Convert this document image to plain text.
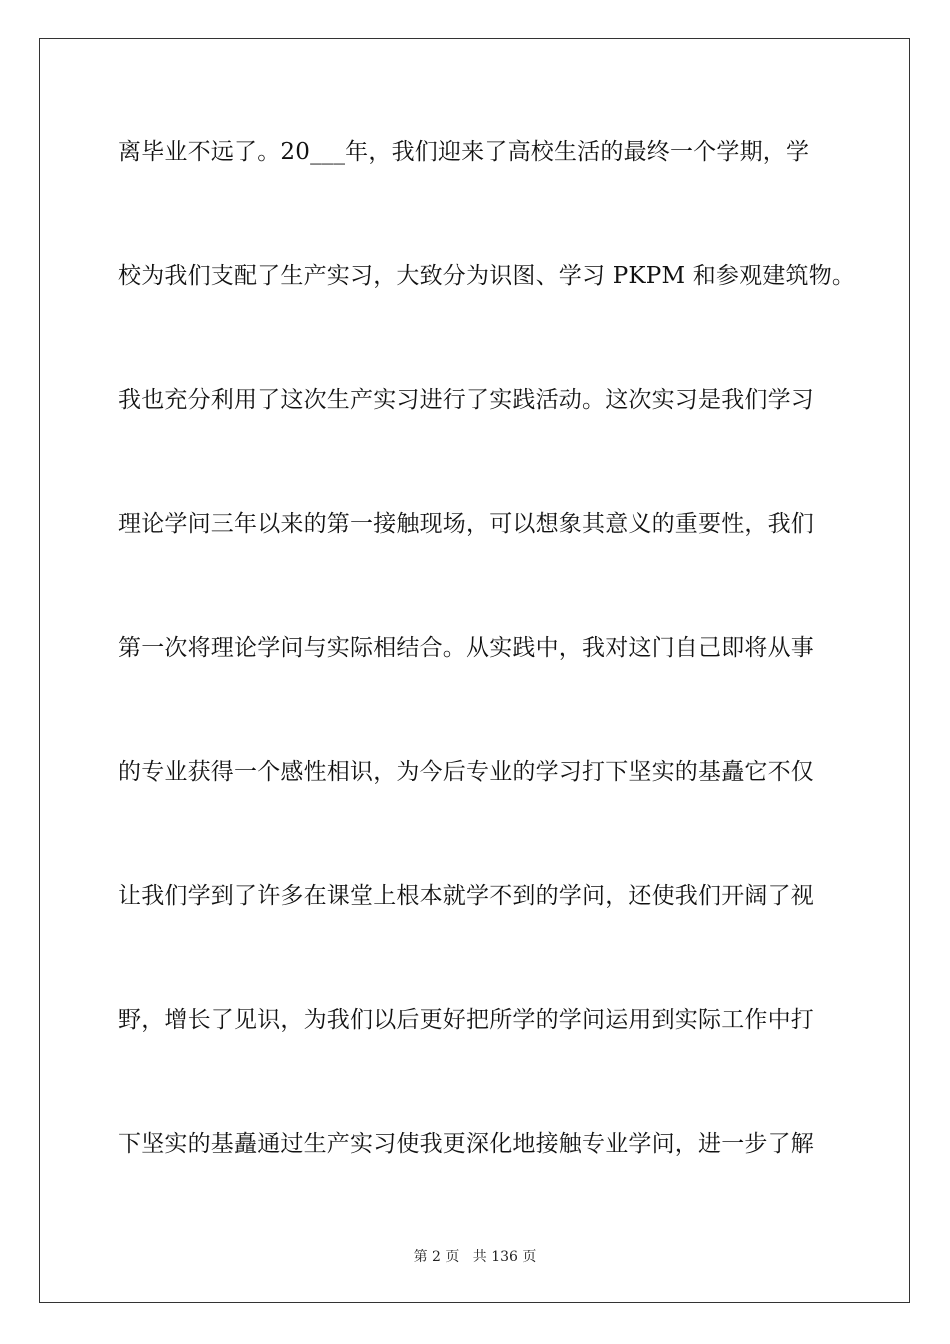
离毕业不远了。20___年，我们迎来了高校生活的最终一个学期，学
校为我们支配了生产实习，大致分为识图、学习 PKPM 和参观建筑物。
我也充分利用了这次生产实习进行了实践活动。这次实习是我们学习
理论学问三年以来的第一接触现场，可以想象其意义的重要性，我们
第一次将理论学问与实际相结合。从实践中，我对这门自己即将从事
的专业获得一个感性相识，为今后专业的学习打下坚实的基矗它不仅
让我们学到了许多在课堂上根本就学不到的学问，还使我们开阔了视
野，增长了见识，为我们以后更好把所学的学问运用到实际工作中打
下坚实的基矗通过生产实习使我更深化地接触专业学问，进一步了解
第 2 页 共 136 页
